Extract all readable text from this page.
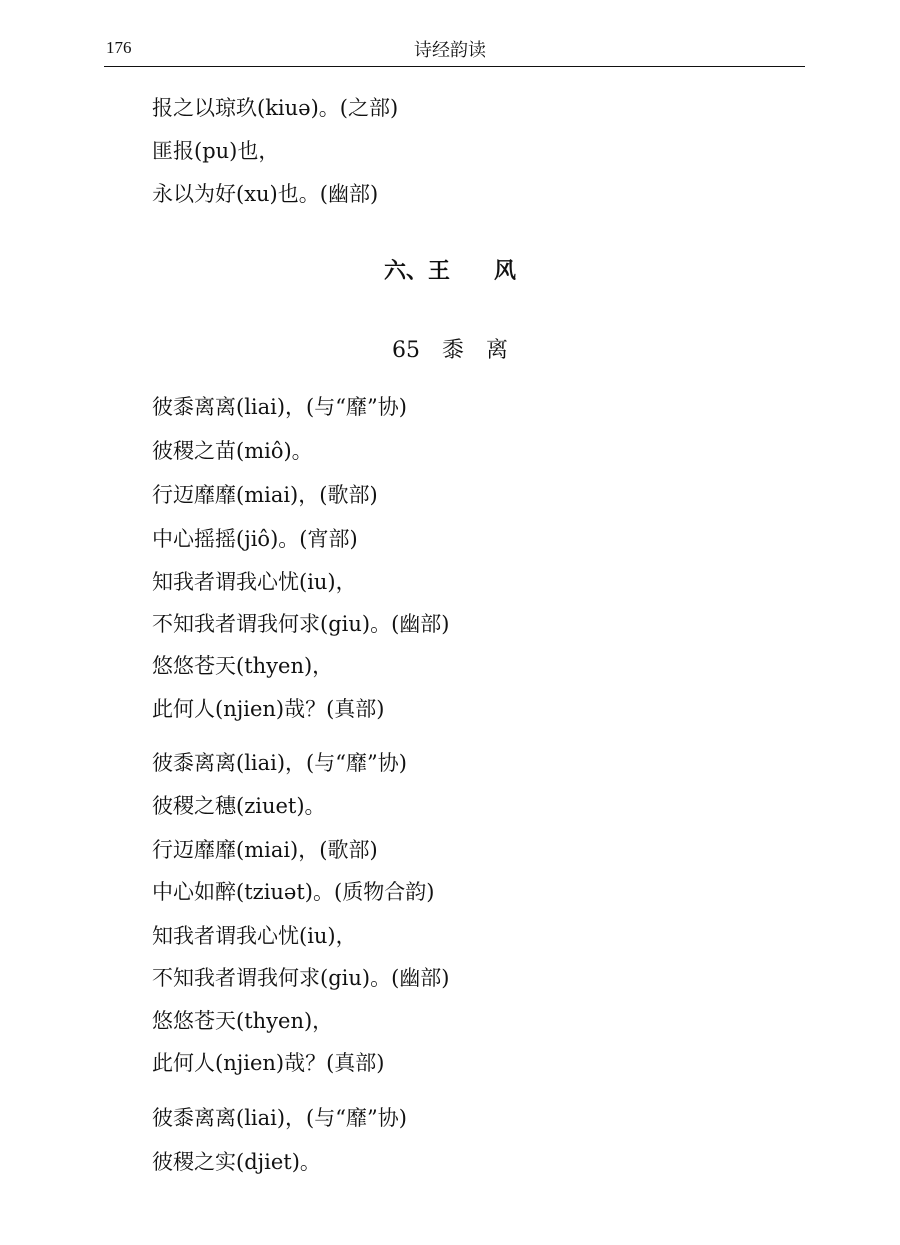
176	诗经韵读
报之以琼玖(kiuə)。(之部)
匪报(pu)也，
永以为好(xu)也。(幽部)
六、王　　风
65　黍　离
彼黍离离(liai)，(与“靡”协)
彼稷之苗(miô)。
行迈靡靡(miai)，(歌部)
中心摇摇(jiô)。(宵部)
知我者谓我心忧(iu)，
不知我者谓我何求(giu)。(幽部)
悠悠苍天(thyen)，
此何人(njien)哉？(真部)
彼黍离离(liai)，(与“靡”协)
彼稷之穗(ziuet)。
行迈靡靡(miai)，(歌部)
中心如醉(tziuət)。(质物合韵)
知我者谓我心忧(iu)，
不知我者谓我何求(giu)。(幽部)
悠悠苍天(thyen)，
此何人(njien)哉？(真部)
彼黍离离(liai)，(与“靡”协)
彼稷之实(djiet)。
